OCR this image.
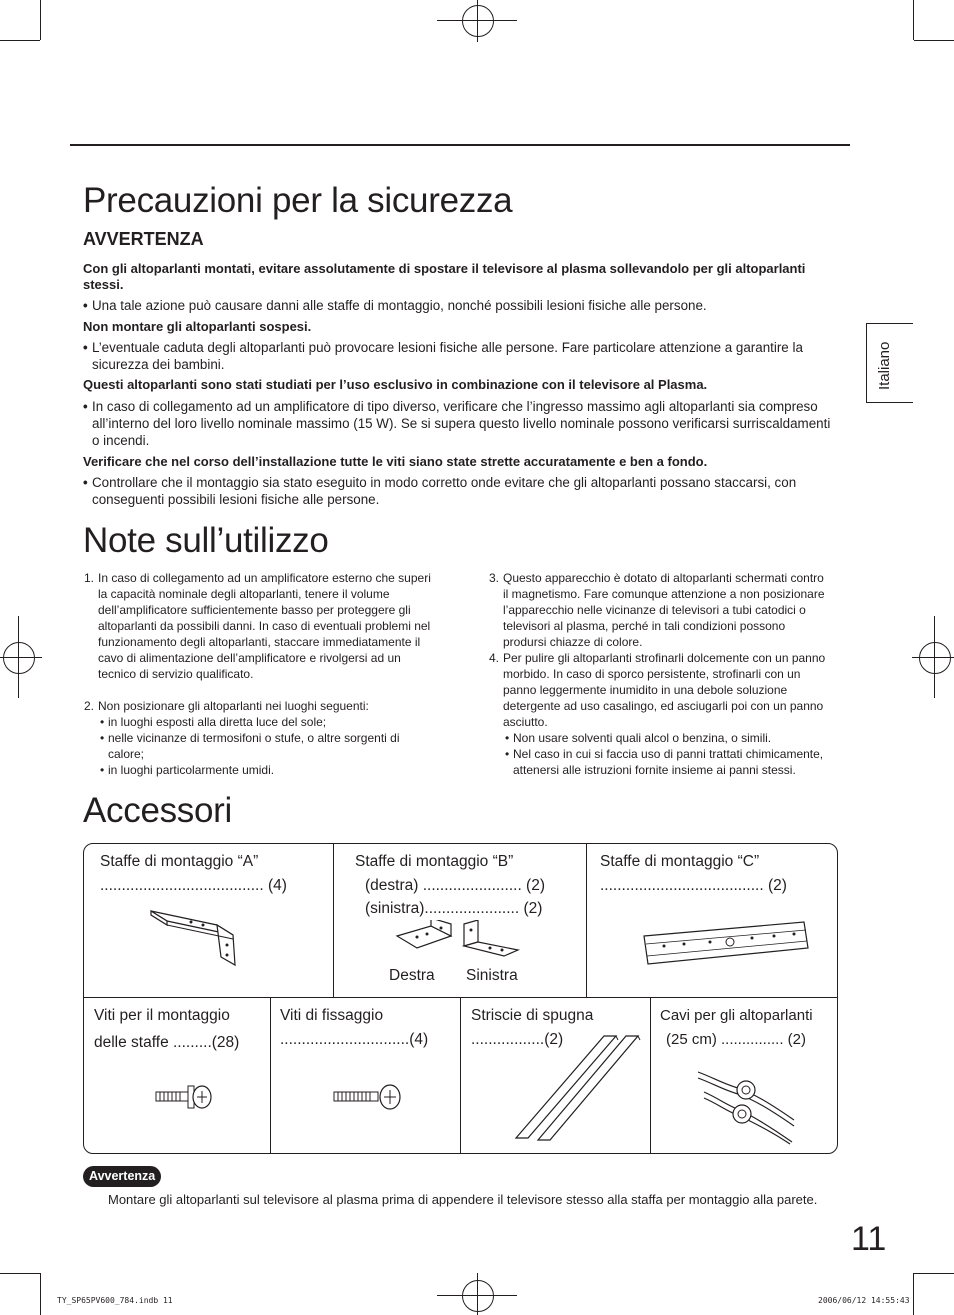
Italiano
Precauzioni per la sicurezza
AVVERTENZA
Con gli altoparlanti montati, evitare assolutamente di spostare il televisore al plasma sollevandolo per gli altoparlanti stessi.
• Una tale azione può causare danni alle staffe di montaggio, nonché possibili lesioni fisiche alle persone.
Non montare gli altoparlanti sospesi.
• L’eventuale caduta degli altoparlanti può provocare lesioni fisiche alle persone. Fare particolare attenzione a garantire la sicurezza dei bambini.
Questi altoparlanti sono stati studiati per l’uso esclusivo in combinazione con il televisore al Plasma.
• In caso di collegamento ad un amplificatore di tipo diverso, verificare che l’ingresso massimo agli altoparlanti sia compreso all’interno del loro livello nominale massimo (15 W). Se si supera questo livello nominale possono verificarsi surriscaldamenti o incendi.
Verificare che nel corso dell’installazione tutte le viti siano state strette accuratamente e ben a fondo.
• Controllare che il montaggio sia stato eseguito in modo corretto onde evitare che gli altoparlanti possano staccarsi, con conseguenti possibili lesioni fisiche alle persone.
Note sull’utilizzo
1. In caso di collegamento ad un amplificatore esterno che superi la capacità nominale degli altoparlanti, tenere il volume dell’amplificatore sufficientemente basso per proteggere gli altoparlanti da possibili danni. In caso di eventuali problemi nel funzionamento degli altoparlanti, staccare immediatamente il cavo di alimentazione dell’amplificatore e rivolgersi ad un tecnico di servizio qualificato.
2. Non posizionare gli altoparlanti nei luoghi seguenti:
• in luoghi esposti alla diretta luce del sole;
• nelle vicinanze di termosifoni o stufe, o altre sorgenti di calore;
• in luoghi particolarmente umidi.
3. Questo apparecchio è dotato di altoparlanti schermati contro il magnetismo. Fare comunque attenzione a non posizionare l’apparecchio nelle vicinanze di televisori a tubi catodici o televisori al plasma, perché in tali condizioni possono prodursi chiazze di colore.
4. Per pulire gli altoparlanti strofinarli dolcemente con un panno morbido. In caso di sporco persistente, strofinarli con un panno leggermente inumidito in una debole soluzione detergente ad uso casalingo, ed asciugarli poi con un panno asciutto.
• Non usare solventi quali alcol o benzina, o simili.
• Nel caso in cui si faccia uso di panni trattati chimicamente, attenersi alle istruzioni fornite insieme ai panni stessi.
Accessori
Staffe di montaggio “A”
...................................... (4)
Staffe di montaggio “B”
(destra) ....................... (2)
(sinistra)...................... (2)
Destra Sinistra
Staffe di montaggio “C”
...................................... (2)
Viti per il montaggio
delle staffe .........(28)
Viti di fissaggio
..............................(4)
Striscie di spugna
.................(2)
Cavi per gli altoparlanti
(25 cm) ............... (2)
Avvertenza
Montare gli altoparlanti sul televisore al plasma prima di appendere il televisore stesso alla staffa per montaggio alla parete.
11
TY_SP65PV600_784.indb 11	2006/06/12 14:55:43
